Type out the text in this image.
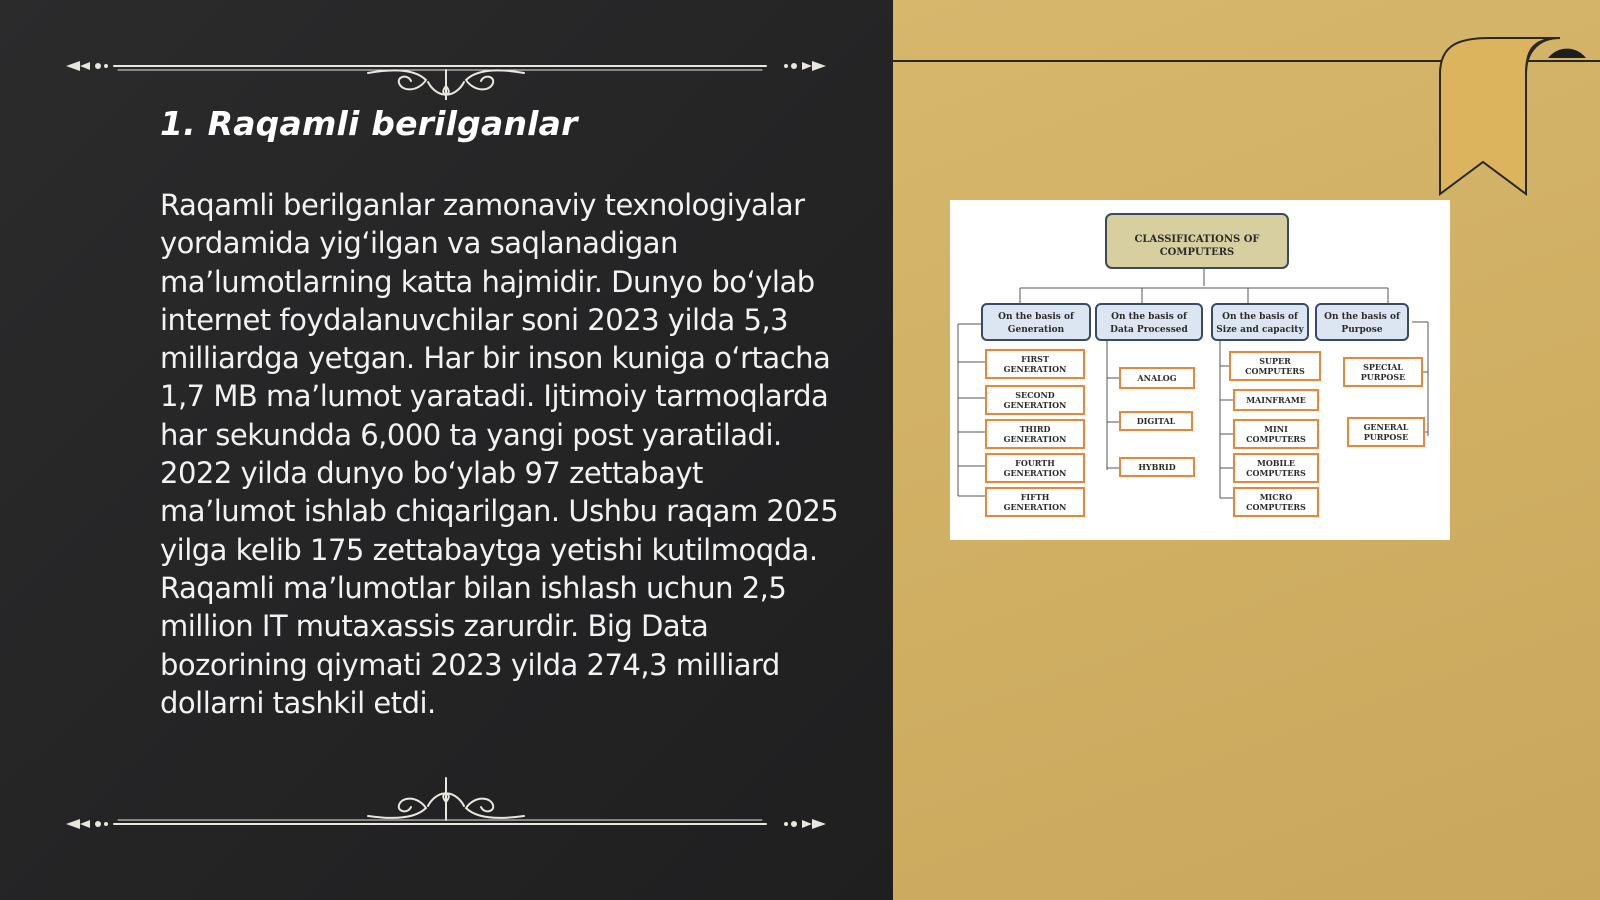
1. Raqamli berilganlar

Raqamli berilganlar zamonaviy texnologiyalar yordamida yig‘ilgan va saqlanadigan ma’lumotlarning katta hajmidir. Dunyo bo‘ylab internet foydalanuvchilar soni 2023 yilda 5,3 milliardga yetgan. Har bir inson kuniga o‘rtacha 1,7 MB ma’lumot yaratadi. Ijtimoiy tarmoqlarda har sekundda 6,000 ta yangi post yaratiladi. 2022 yilda dunyo bo‘ylab 97 zettabayt ma’lumot ishlab chiqarilgan. Ushbu raqam 2025 yilga kelib 175 zettabaytga yetishi kutilmoqda. Raqamli ma’lumotlar bilan ishlash uchun 2,5 million IT mutaxassis zarurdir. Big Data bozorining qiymati 2023 yilda 274,3 milliard dollarni tashkil etdi.

CLASSIFICATIONS OF
COMPUTERS
On the basis of
Generation
On the basis of
Data Processed
On the basis of
Size and capacity
On the basis of
Purpose
FIRST
GENERATION
SECOND
GENERATION
THIRD
GENERATION
FOURTH
GENERATION
FIFTH
GENERATION
ANALOG
DIGITAL
HYBRID
SUPER
COMPUTERS
MAINFRAME
MINI
COMPUTERS
MOBILE
COMPUTERS
MICRO
COMPUTERS
SPECIAL
PURPOSE
GENERAL
PURPOSE
